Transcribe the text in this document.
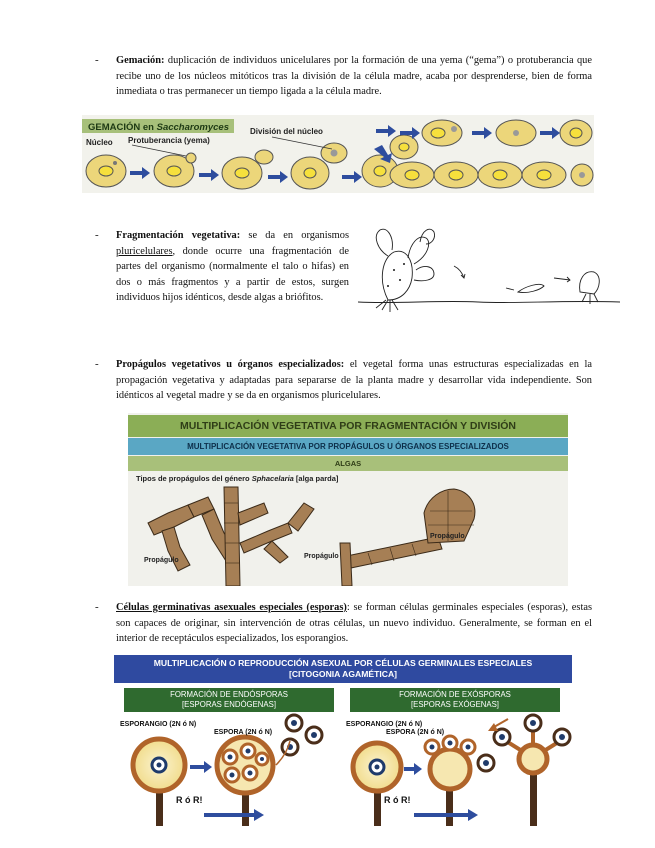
- Gemación: duplicación de individuos unicelulares por la formación de una yema (“gema”) o protuberancia que recibe uno de los núcleos mitóticos tras la división de la célula madre, acaba por desprenderse, bien de forma inmediata o tras permanecer un tiempo ligada a la célula madre.
GEMACIÓN en Saccharomyces
Núcleo Protuberancia (yema)
División del núcleo
- Fragmentación vegetativa: se da en organismos pluricelulares, donde ocurre una fragmentación de partes del organismo (normalmente el talo o hifas) en dos o más fragmentos y a partir de estos, surgen individuos hijos idénticos, desde algas a briófitos.
- Propágulos vegetativos u órganos especializados: el vegetal forma unas estructuras especializadas en la propagación vegetativa y adaptadas para separarse de la planta madre y desarrollar vida independiente. Son idénticos al vegetal madre y se da en organismos pluricelulares.
MULTIPLICACIÓN VEGETATIVA POR FRAGMENTACIÓN Y DIVISIÓN
MULTIPLICACIÓN VEGETATIVA POR PROPÁGULOS U ÓRGANOS ESPECIALIZADOS
ALGAS
Tipos de propágulos del género Sphacelaria [alga parda]
Propágulo
Propágulo
Propágulo
- Células germinativas asexuales especiales (esporas): se forman células germinales especiales (esporas), estas son capaces de originar, sin intervención de otras células, un nuevo individuo. Generalmente, se forman en el interior de receptáculos especializados, los esporangios.
MULTIPLICACIÓN O REPRODUCCIÓN ASEXUAL POR CÉLULAS GERMINALES ESPECIALES
[CITOGONIA AGAMÉTICA]
FORMACIÓN DE ENDÓSPORAS
[ESPORAS ENDÓGENAS]
FORMACIÓN DE EXÓSPORAS
[ESPORAS EXÓGENAS]
ESPORANGIO (2N ó N)
ESPORA (2N ó N)
ESPORANGIO (2N ó N)
ESPORA (2N ó N)
R ó R!	R ó R!
